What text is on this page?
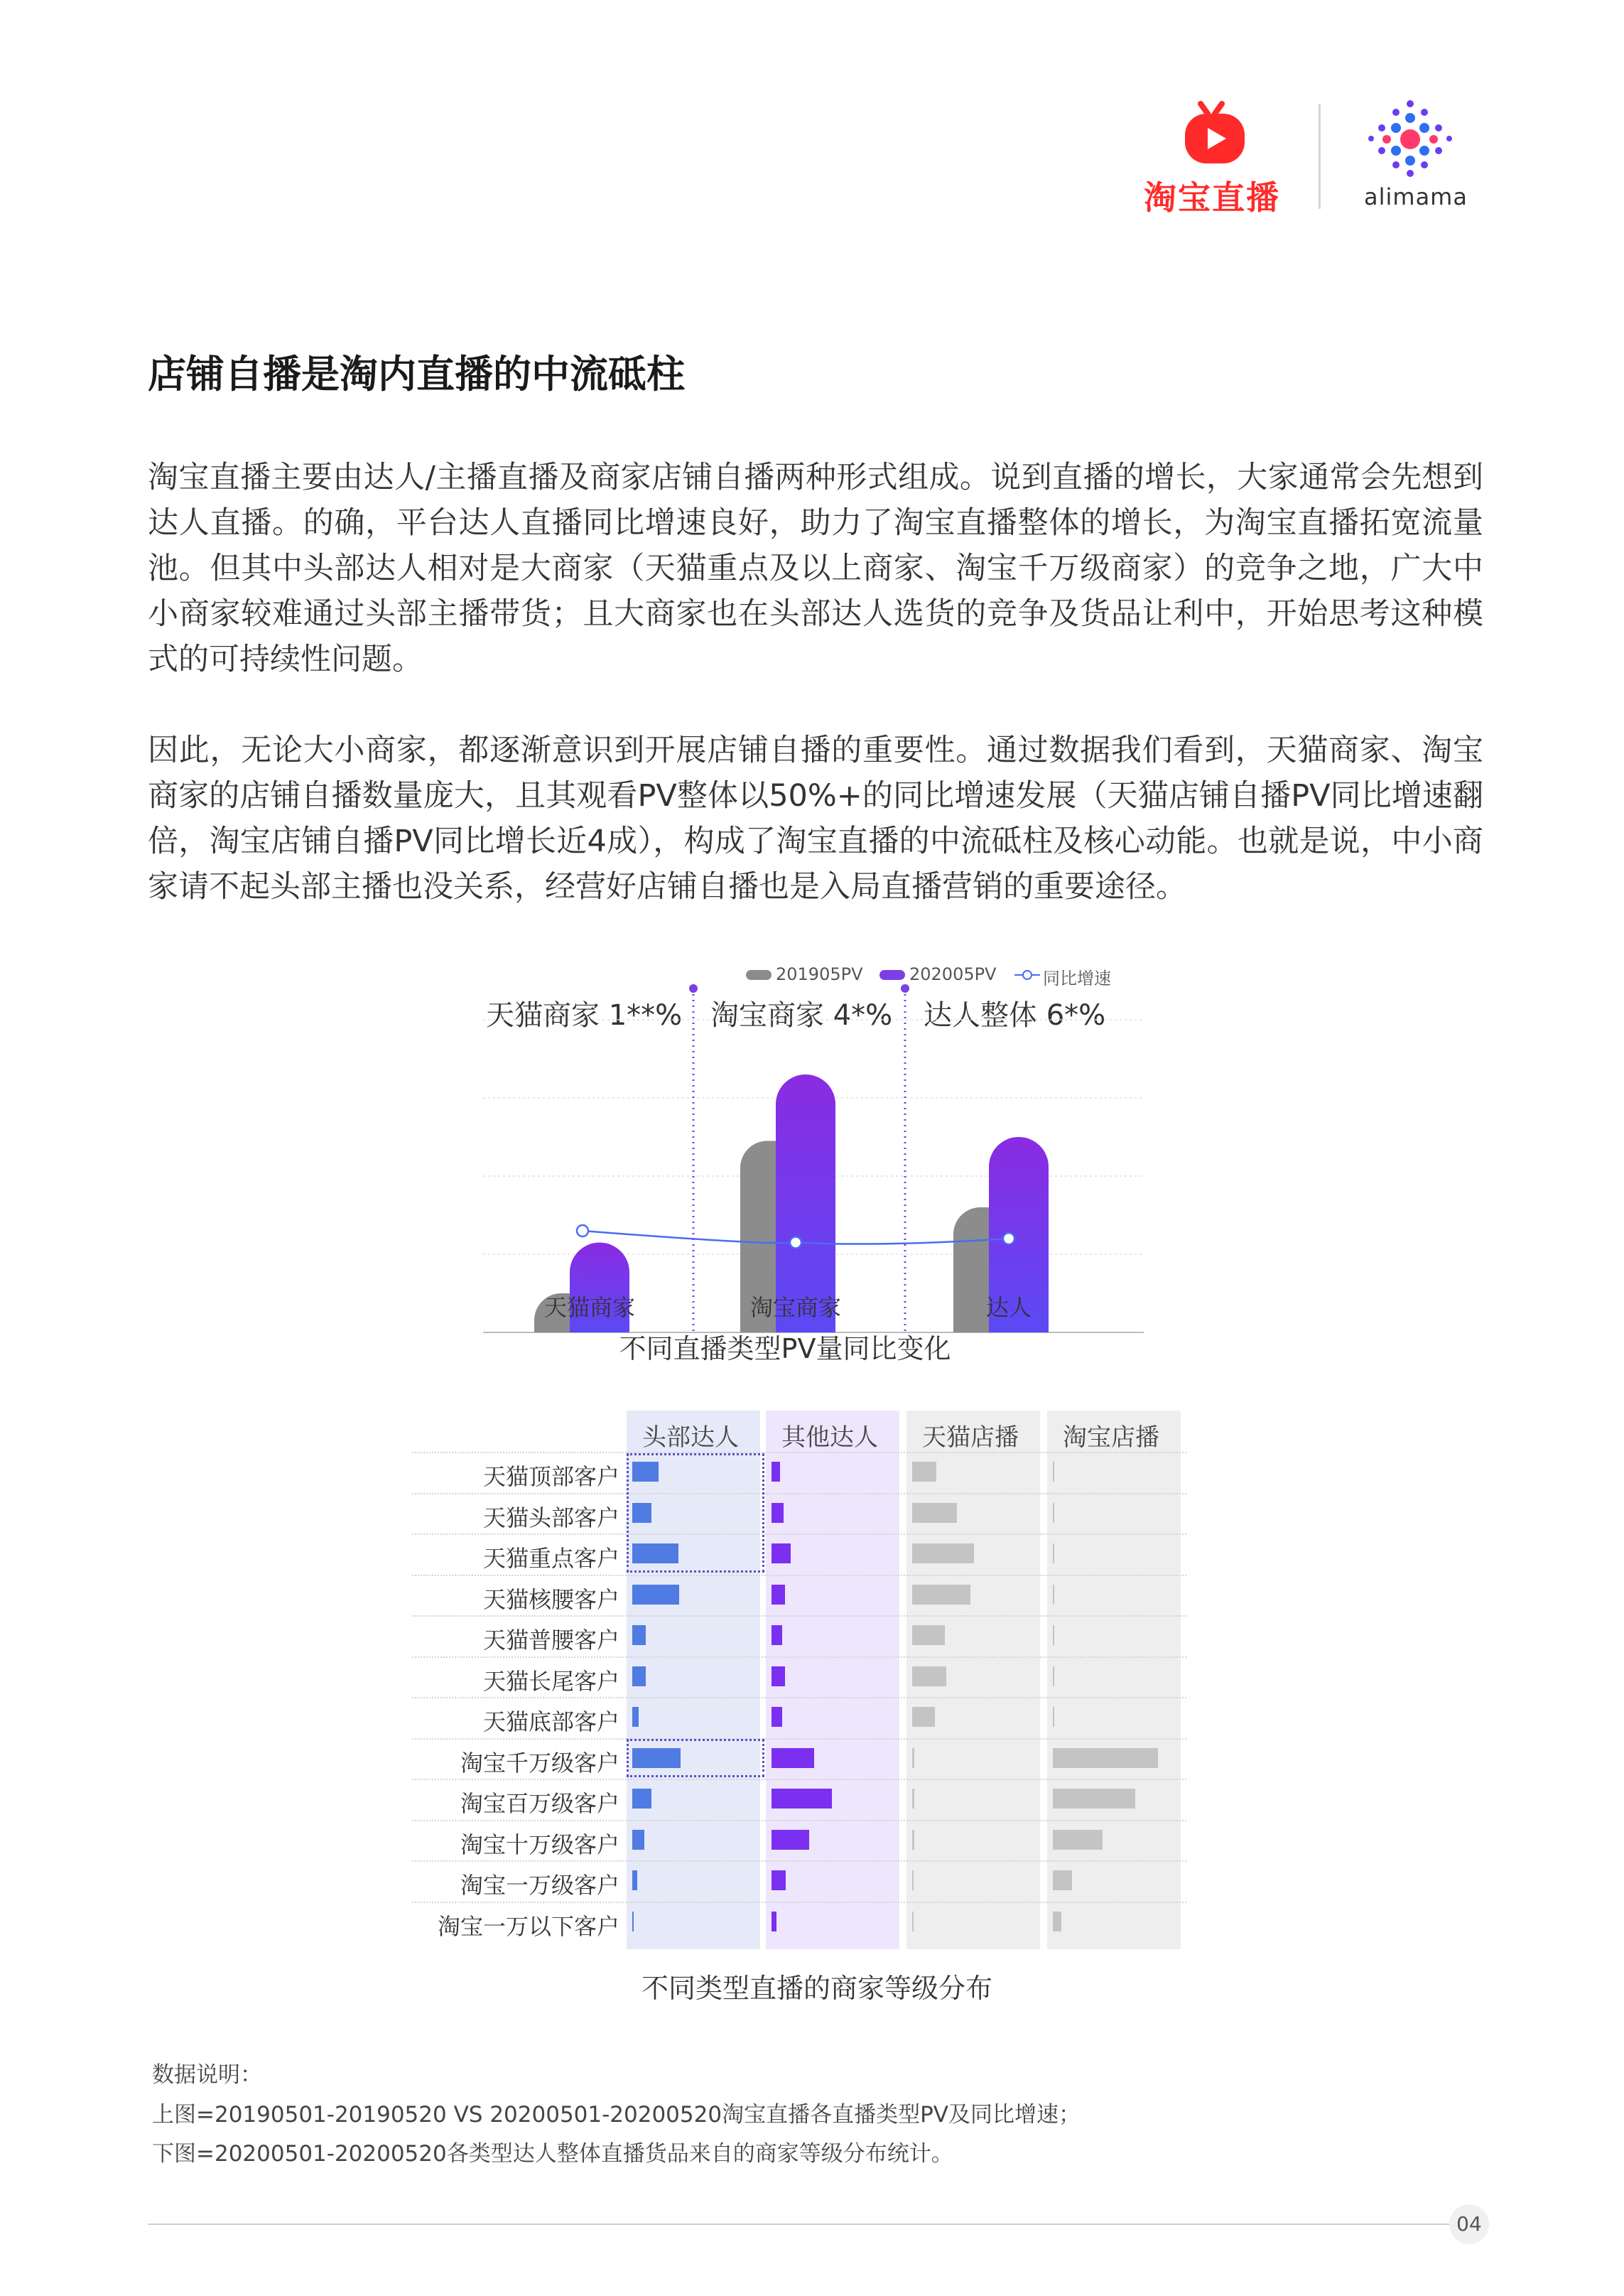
淘宝直播	alimama
店铺自播是淘内直播的中流砥柱
淘宝直播主要由达人/主播直播及商家店铺自播两种形式组成。说到直播的增长，大家通常会先想到达人直播。的确，平台达人直播同比增速良好，助力了淘宝直播整体的增长，为淘宝直播拓宽流量池。但其中头部达人相对是大商家（天猫重点及以上商家、淘宝千万级商家）的竞争之地，广大中小商家较难通过头部主播带货；且大商家也在头部达人选货的竞争及货品让利中，开始思考这种模式的可持续性问题。
因此，无论大小商家，都逐渐意识到开展店铺自播的重要性。通过数据我们看到，天猫商家、淘宝商家的店铺自播数量庞大，且其观看PV整体以50%+的同比增速发展（天猫店铺自播PV同比增速翻倍，淘宝店铺自播PV同比增长近4成），构成了淘宝直播的中流砥柱及核心动能。也就是说，中小商家请不起头部主播也没关系，经营好店铺自播也是入局直播营销的重要途径。
201905PV	202005PV	同比增速
天猫商家 1**% 淘宝商家 4*% 达人整体 6*%
天猫商家	淘宝商家	达人
不同直播类型PV量同比变化
头部达人 其他达人 天猫店播 淘宝店播
天猫顶部客户
天猫头部客户
天猫重点客户
天猫核腰客户
天猫普腰客户
天猫长尾客户
天猫底部客户
淘宝千万级客户
淘宝百万级客户
淘宝十万级客户
淘宝一万级客户
淘宝一万以下客户
不同类型直播的商家等级分布
数据说明：
上图=20190501-20190520 VS 20200501-20200520淘宝直播各直播类型PV及同比增速；
下图=20200501-20200520各类型达人整体直播货品来自的商家等级分布统计。
04
